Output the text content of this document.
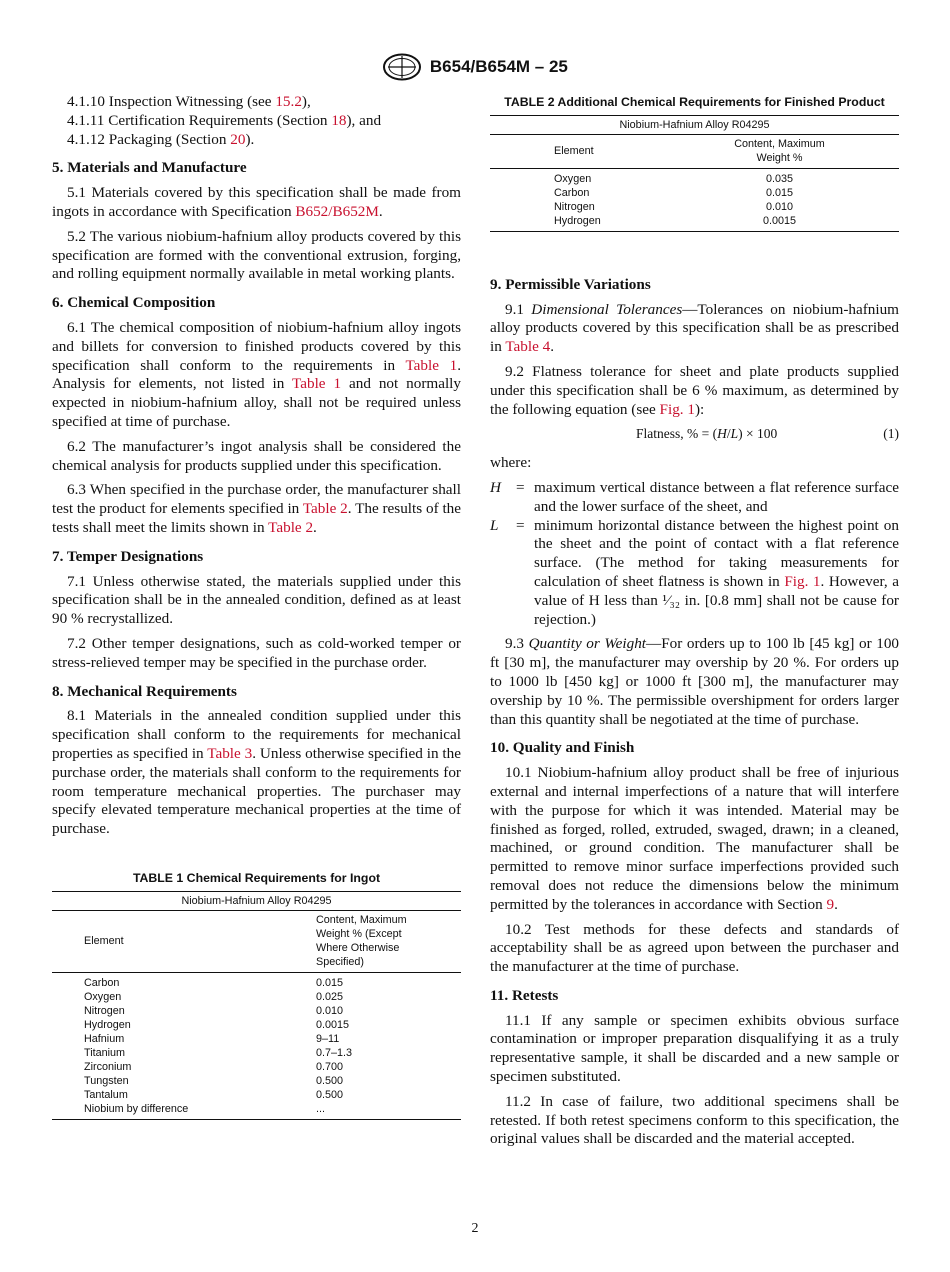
B654/B654M – 25

4.1.10 Inspection Witnessing (see 15.2),

4.1.11 Certification Requirements (Section 18), and

4.1.12 Packaging (Section 20).

5. Materials and Manufacture

5.1 Materials covered by this specification shall be made from ingots in accordance with Specification B652/B652M.

5.2 The various niobium-hafnium alloy products covered by this specification are formed with the conventional extrusion, forging, and rolling equipment normally available in metal working plants.

6. Chemical Composition

6.1 The chemical composition of niobium-hafnium alloy ingots and billets for conversion to finished products covered by this specification shall conform to the requirements in Table 1. Analysis for elements, not listed in Table 1 and not normally expected in niobium-hafnium alloy, shall not be required unless specified at time of purchase.

6.2 The manufacturer’s ingot analysis shall be considered the chemical analysis for products supplied under this specification.

6.3 When specified in the purchase order, the manufacturer shall test the product for elements specified in Table 2. The results of the tests shall meet the limits shown in Table 2.

7. Temper Designations

7.1 Unless otherwise stated, the materials supplied under this specification shall be in the annealed condition, defined as at least 90 % recrystallized.

7.2 Other temper designations, such as cold-worked temper or stress-relieved temper may be specified in the purchase order.

8. Mechanical Requirements

8.1 Materials in the annealed condition supplied under this specification shall conform to the requirements for mechanical properties as specified in Table 3. Unless otherwise specified in the purchase order, the materials shall conform to the requirements for room temperature mechanical properties. The purchaser may specify elevated temperature mechanical properties at the time of purchase.

TABLE 1 Chemical Requirements for Ingot
Niobium-Hafnium Alloy R04295		
	Element	Content, Maximum Weight % (Except Where Otherwise Specified)
	Carbon	0.015
	Oxygen	0.025
	Nitrogen	0.010
	Hydrogen	0.0015
	Hafnium	9–11
	Titanium	0.7–1.3
	Zirconium	0.700
	Tungsten	0.500
	Tantalum	0.500
	Niobium by difference	...
TABLE 2 Additional Chemical Requirements for Finished Product
Niobium-Hafnium Alloy R04295		
	Element	Content, Maximum Weight %
	Oxygen	0.035
	Carbon	0.015
	Nitrogen	0.010
	Hydrogen	0.0015
9. Permissible Variations

9.1 Dimensional Tolerances—Tolerances on niobium-hafnium alloy products covered by this specification shall be as prescribed in Table 4.

9.2 Flatness tolerance for sheet and plate products supplied under this specification shall be 6 % maximum, as determined by the following equation (see Fig. 1):

Flatness, % = (H/L) × 100	(1)

where:

H = maximum vertical distance between a flat reference surface and the lower surface of the sheet, and
L	= minimum horizontal distance between the highest point on the sheet and the point of contact with a flat reference surface. (The method for taking measurements for calculation of sheet flatness is shown in Fig. 1. However, a value of H less than ¹⁄₃₂ in. [0.8 mm] shall not be cause for rejection.)

9.3 Quantity or Weight—For orders up to 100 lb [45 kg] or 100 ft [30 m], the manufacturer may overship by 20 %. For orders up to 1000 lb [450 kg] or 1000 ft [300 m], the manufacturer may overship by 10 %. The permissible overshipment for orders larger than this quantity shall be negotiated at the time of purchase.

10. Quality and Finish

10.1 Niobium-hafnium alloy product shall be free of injurious external and internal imperfections of a nature that will interfere with the purpose for which it was intended. Material may be finished as forged, rolled, extruded, swaged, drawn; in a cleaned, machined, or ground condition. The manufacturer shall be permitted to remove minor surface imperfections provided such removal does not reduce the dimensions below the minimum permitted by the tolerances in accordance with Section 9.

10.2 Test methods for these defects and standards of acceptability shall be as agreed upon between the purchaser and the manufacturer at the time of purchase.

11. Retests

11.1 If any sample or specimen exhibits obvious surface contamination or improper preparation disqualifying it as a truly representative sample, it shall be discarded and a new sample or specimen substituted.

11.2 In case of failure, two additional specimens shall be retested. If both retest specimens conform to this specification, the original values shall be discarded and the material accepted.

2
